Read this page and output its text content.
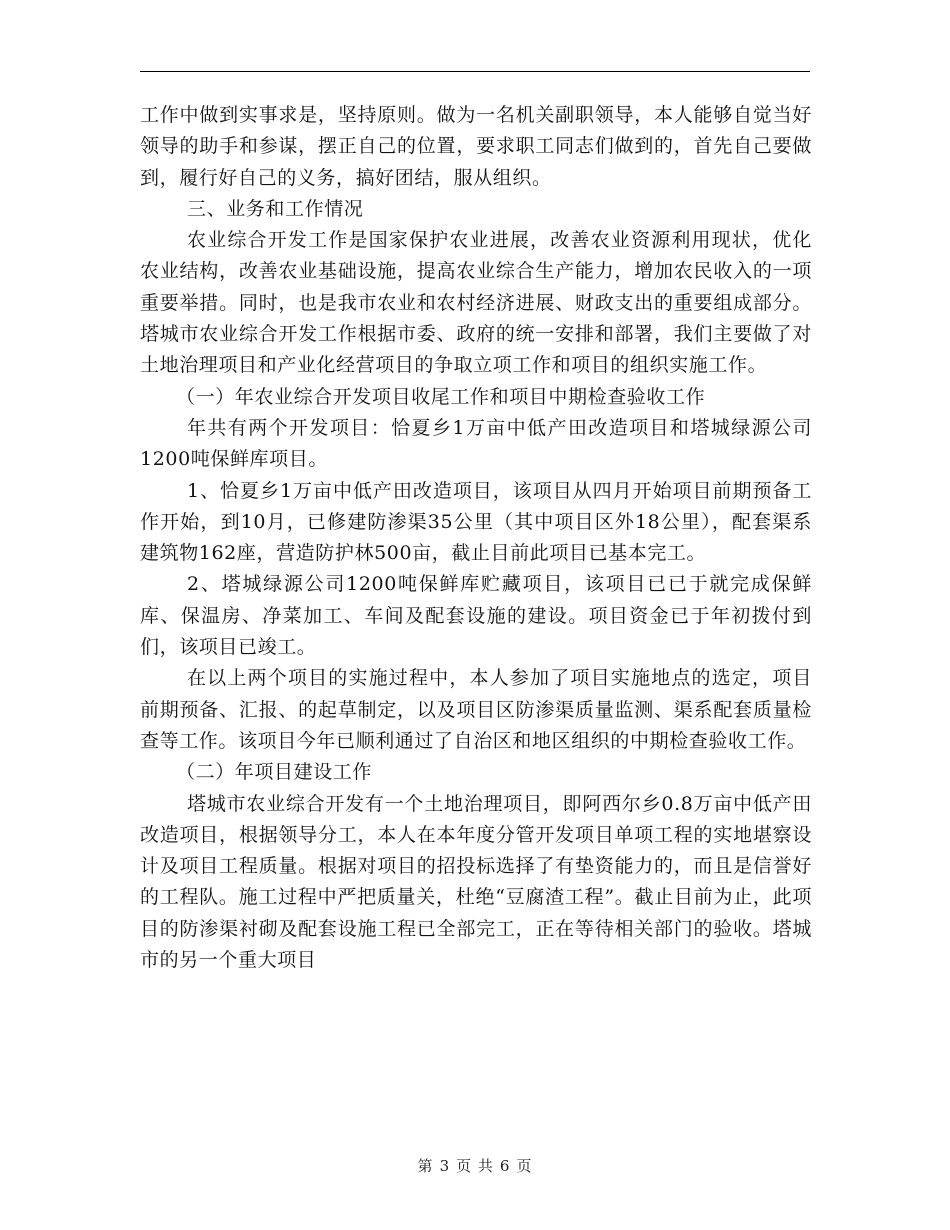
工作中做到实事求是，坚持原则。做为一名机关副职领导，本人能够自觉当好领导的助手和参谋，摆正自己的位置，要求职工同志们做到的，首先自己要做到，履行好自己的义务，搞好团结，服从组织。

三、业务和工作情况

农业综合开发工作是国家保护农业进展，改善农业资源利用现状，优化农业结构，改善农业基础设施，提高农业综合生产能力，增加农民收入的一项重要举措。同时，也是我市农业和农村经济进展、财政支出的重要组成部分。塔城市农业综合开发工作根据市委、政府的统一安排和部署，我们主要做了对土地治理项目和产业化经营项目的争取立项工作和项目的组织实施工作。

（一）年农业综合开发项目收尾工作和项目中期检查验收工作

年共有两个开发项目：恰夏乡1万亩中低产田改造项目和塔城绿源公司1200吨保鲜库项目。

1、恰夏乡1万亩中低产田改造项目，该项目从四月开始项目前期预备工作开始，到10月，已修建防渗渠35公里（其中项目区外18公里），配套渠系建筑物162座，营造防护林500亩，截止目前此项目已基本完工。

2、塔城绿源公司1200吨保鲜库贮藏项目，该项目已已于就完成保鲜库、保温房、净菜加工、车间及配套设施的建设。项目资金已于年初拨付到们，该项目已竣工。

在以上两个项目的实施过程中，本人参加了项目实施地点的选定，项目前期预备、汇报、的起草制定，以及项目区防渗渠质量监测、渠系配套质量检查等工作。该项目今年已顺利通过了自治区和地区组织的中期检查验收工作。

（二）年项目建设工作

塔城市农业综合开发有一个土地治理项目，即阿西尔乡0.8万亩中低产田改造项目，根据领导分工，本人在本年度分管开发项目单项工程的实地堪察设计及项目工程质量。根据对项目的招投标选择了有垫资能力的，而且是信誉好的工程队。施工过程中严把质量关，杜绝“豆腐渣工程”。截止目前为止，此项目的防渗渠衬砌及配套设施工程已全部完工，正在等待相关部门的验收。塔城市的另一个重大项目

第 3 页 共 6 页
